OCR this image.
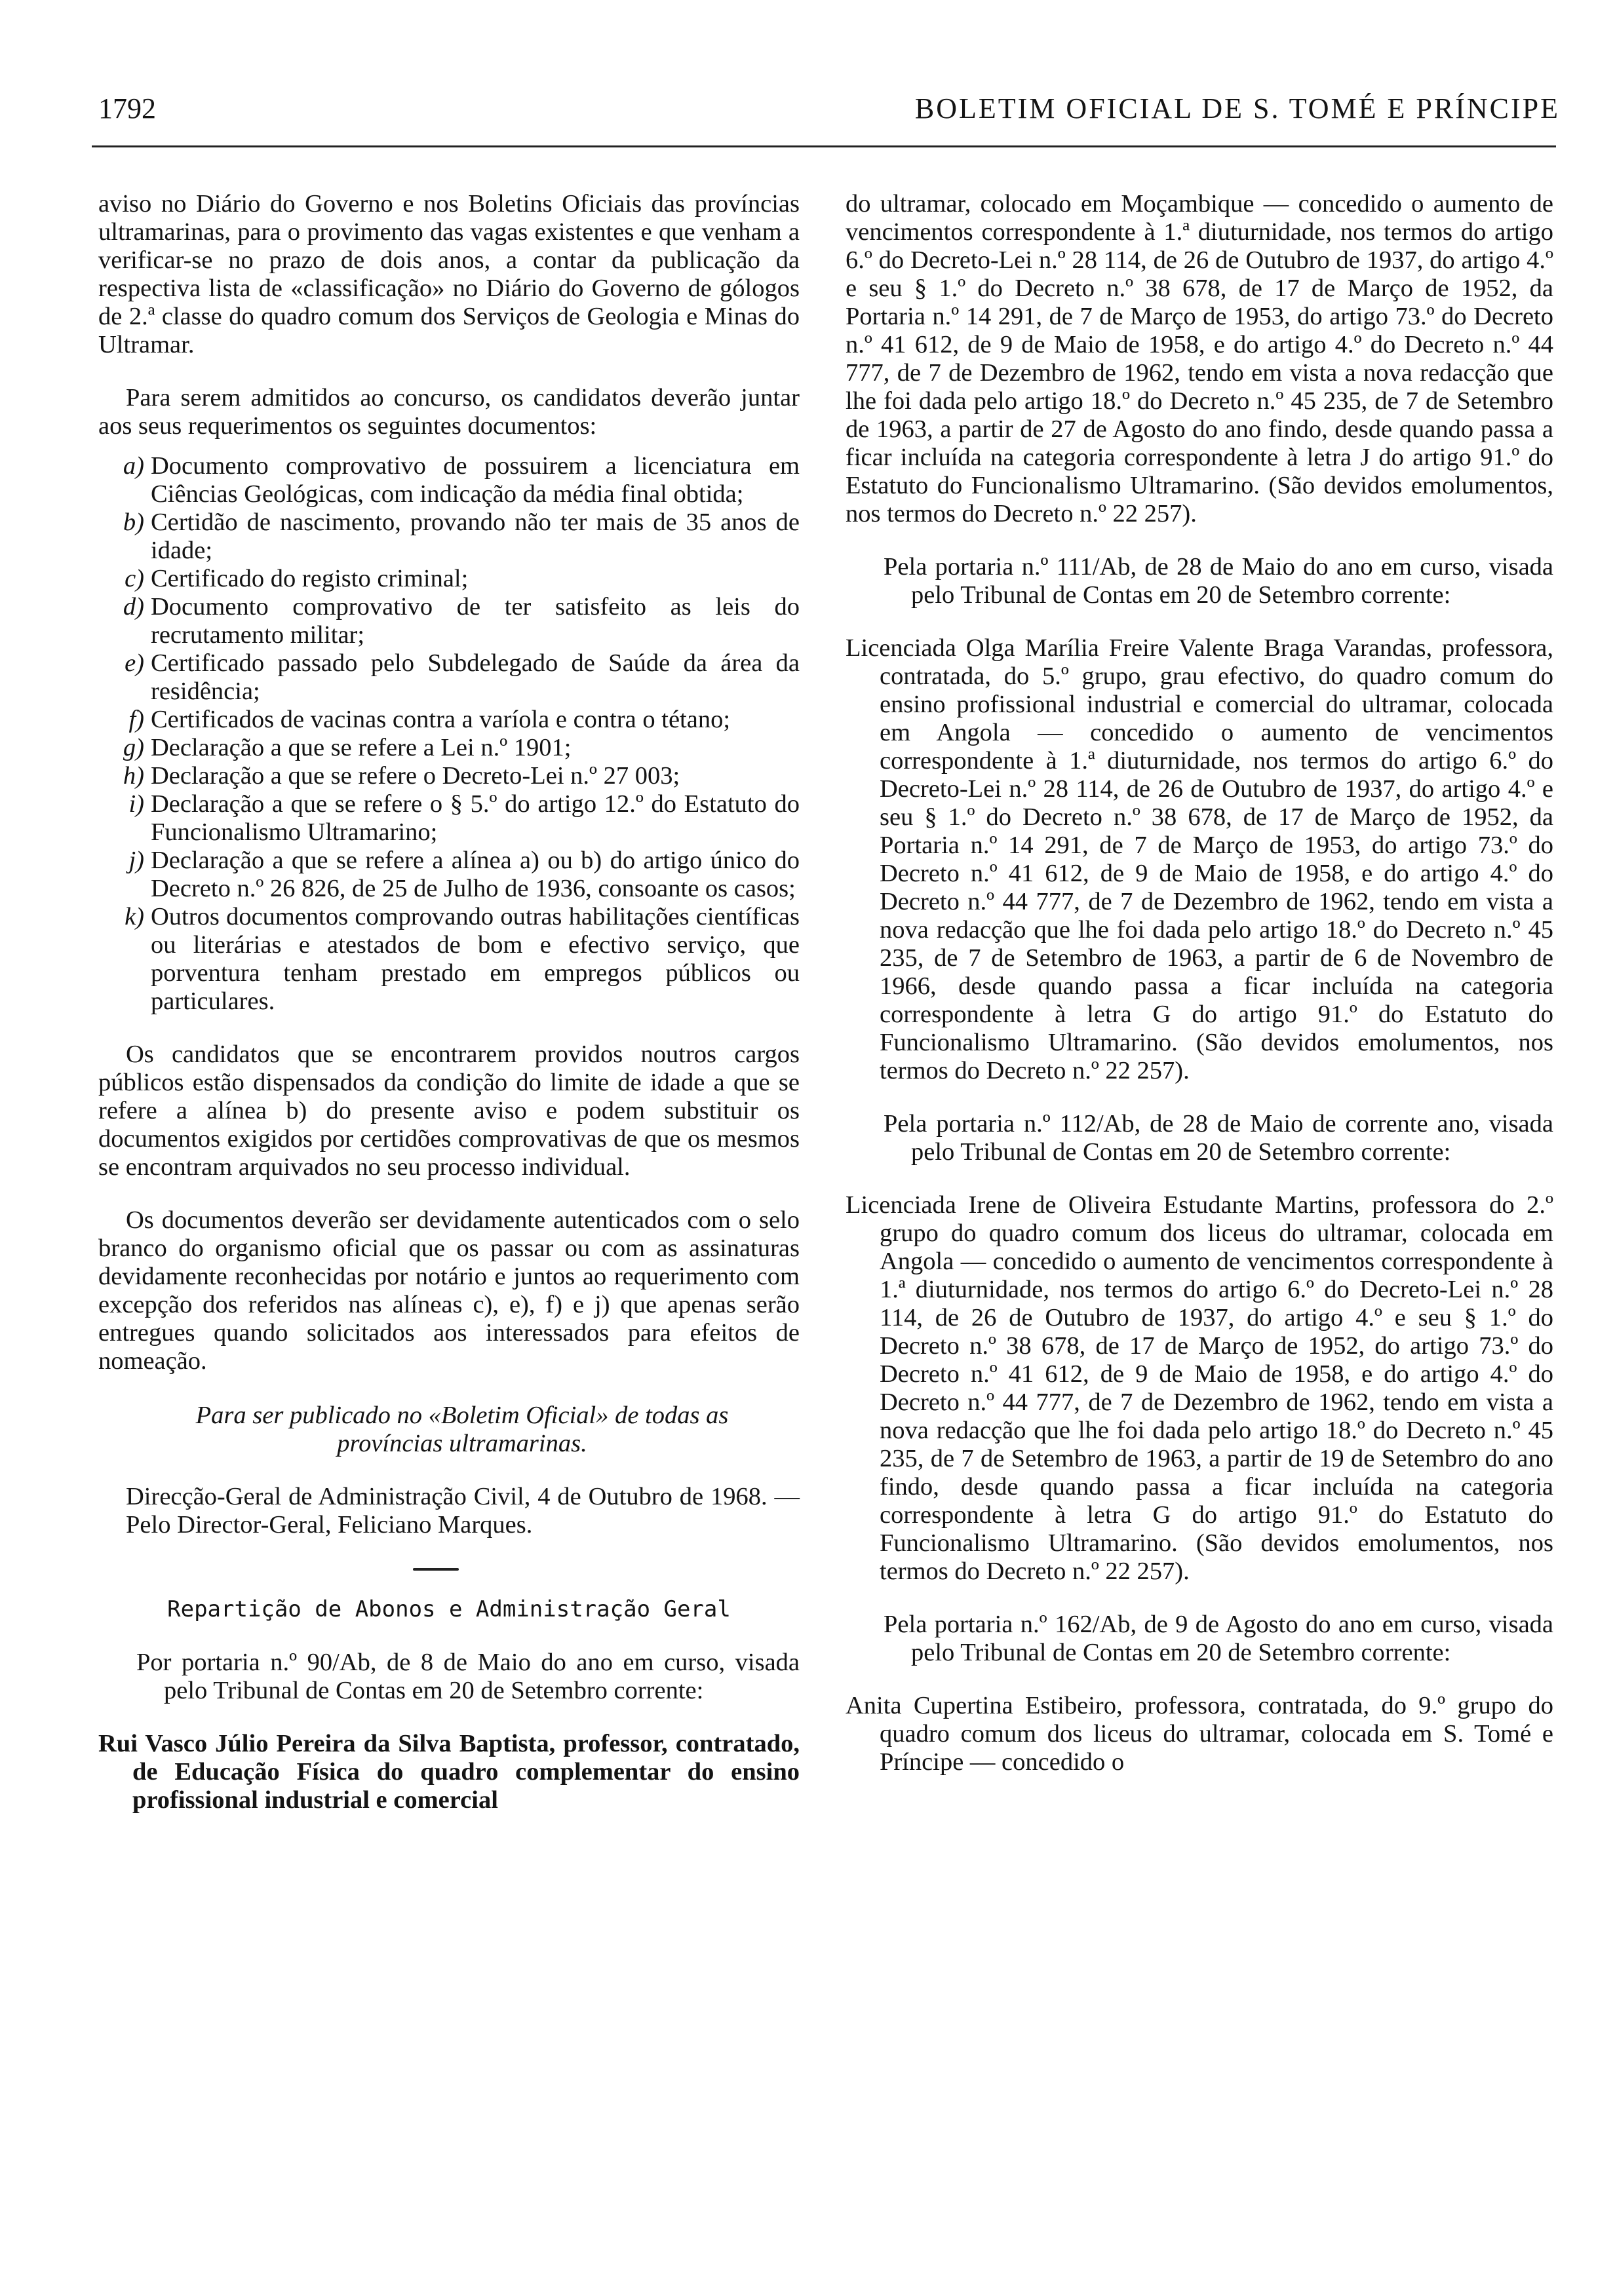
1792	BOLETIM OFICIAL DE S. TOMÉ E PRÍNCIPE

aviso no Diário do Governo e nos Boletins Oficiais das províncias ultramarinas, para o provimento das vagas existentes e que venham a verificar-se no prazo de dois anos, a contar da publicação da respectiva lista de «classificação» no Diário do Governo de gólogos de 2.ª classe do quadro comum dos Serviços de Geologia e Minas do Ultramar.

Para serem admitidos ao concurso, os candidatos deverão juntar aos seus requerimentos os seguintes documentos:

a) Documento comprovativo de possuirem a licenciatura em Ciências Geológicas, com indicação da média final obtida;
b) Certidão de nascimento, provando não ter mais de 35 anos de idade;
c) Certificado do registo criminal;
d) Documento comprovativo de ter satisfeito as leis do recrutamento militar;
e) Certificado passado pelo Subdelegado de Saúde da área da residência;
f) Certificados de vacinas contra a varíola e contra o tétano;
g) Declaração a que se refere a Lei n.º 1901;
h) Declaração a que se refere o Decreto-Lei n.º 27 003;
i) Declaração a que se refere o § 5.º do artigo 12.º do Estatuto do Funcionalismo Ultramarino;
j) Declaração a que se refere a alínea a) ou b) do artigo único do Decreto n.º 26 826, de 25 de Julho de 1936, consoante os casos;
k) Outros documentos comprovando outras habilitações científicas ou literárias e atestados de bom e efectivo serviço, que porventura tenham prestado em empregos públicos ou particulares.

Os candidatos que se encontrarem providos noutros cargos públicos estão dispensados da condição do limite de idade a que se refere a alínea b) do presente aviso e podem substituir os documentos exigidos por certidões comprovativas de que os mesmos se encontram arquivados no seu processo individual.

Os documentos deverão ser devidamente autenticados com o selo branco do organismo oficial que os passar ou com as assinaturas devidamente reconhecidas por notário e juntos ao requerimento com excepção dos referidos nas alíneas c), e), f) e j) que apenas serão entregues quando solicitados aos interessados para efeitos de nomeação.

Para ser publicado no «Boletim Oficial» de todas as províncias ultramarinas.

Direcção-Geral de Administração Civil, 4 de Outubro de 1968. — Pelo Director-Geral, Feliciano Marques.

Repartição de Abonos e Administração Geral

Por portaria n.º 90/Ab, de 8 de Maio do ano em curso, visada pelo Tribunal de Contas em 20 de Setembro corrente:

Rui Vasco Júlio Pereira da Silva Baptista, professor, contratado, de Educação Física do quadro complementar do ensino profissional industrial e comercial

do ultramar, colocado em Moçambique — concedido o aumento de vencimentos correspondente à 1.ª diuturnidade, nos termos do artigo 6.º do Decreto-Lei n.º 28 114, de 26 de Outubro de 1937, do artigo 4.º e seu § 1.º do Decreto n.º 38 678, de 17 de Março de 1952, da Portaria n.º 14 291, de 7 de Março de 1953, do artigo 73.º do Decreto n.º 41 612, de 9 de Maio de 1958, e do artigo 4.º do Decreto n.º 44 777, de 7 de Dezembro de 1962, tendo em vista a nova redacção que lhe foi dada pelo artigo 18.º do Decreto n.º 45 235, de 7 de Setembro de 1963, a partir de 27 de Agosto do ano findo, desde quando passa a ficar incluída na categoria correspondente à letra J do artigo 91.º do Estatuto do Funcionalismo Ultramarino. (São devidos emolumentos, nos termos do Decreto n.º 22 257).

Pela portaria n.º 111/Ab, de 28 de Maio do ano em curso, visada pelo Tribunal de Contas em 20 de Setembro corrente:

Licenciada Olga Marília Freire Valente Braga Varandas, professora, contratada, do 5.º grupo, grau efectivo, do quadro comum do ensino profissional industrial e comercial do ultramar, colocada em Angola — concedido o aumento de vencimentos correspondente à 1.ª diuturnidade, nos termos do artigo 6.º do Decreto-Lei n.º 28 114, de 26 de Outubro de 1937, do artigo 4.º e seu § 1.º do Decreto n.º 38 678, de 17 de Março de 1952, da Portaria n.º 14 291, de 7 de Março de 1953, do artigo 73.º do Decreto n.º 41 612, de 9 de Maio de 1958, e do artigo 4.º do Decreto n.º 44 777, de 7 de Dezembro de 1962, tendo em vista a nova redacção que lhe foi dada pelo artigo 18.º do Decreto n.º 45 235, de 7 de Setembro de 1963, a partir de 6 de Novembro de 1966, desde quando passa a ficar incluída na categoria correspondente à letra G do artigo 91.º do Estatuto do Funcionalismo Ultramarino. (São devidos emolumentos, nos termos do Decreto n.º 22 257).

Pela portaria n.º 112/Ab, de 28 de Maio de corrente ano, visada pelo Tribunal de Contas em 20 de Setembro corrente:

Licenciada Irene de Oliveira Estudante Martins, professora do 2.º grupo do quadro comum dos liceus do ultramar, colocada em Angola — concedido o aumento de vencimentos correspondente à 1.ª diuturnidade, nos termos do artigo 6.º do Decreto-Lei n.º 28 114, de 26 de Outubro de 1937, do artigo 4.º e seu § 1.º do Decreto n.º 38 678, de 17 de Março de 1952, do artigo 73.º do Decreto n.º 41 612, de 9 de Maio de 1958, e do artigo 4.º do Decreto n.º 44 777, de 7 de Dezembro de 1962, tendo em vista a nova redacção que lhe foi dada pelo artigo 18.º do Decreto n.º 45 235, de 7 de Setembro de 1963, a partir de 19 de Setembro do ano findo, desde quando passa a ficar incluída na categoria correspondente à letra G do artigo 91.º do Estatuto do Funcionalismo Ultramarino. (São devidos emolumentos, nos termos do Decreto n.º 22 257).

Pela portaria n.º 162/Ab, de 9 de Agosto do ano em curso, visada pelo Tribunal de Contas em 20 de Setembro corrente:

Anita Cupertina Estibeiro, professora, contratada, do 9.º grupo do quadro comum dos liceus do ultramar, colocada em S. Tomé e Príncipe — concedido o
